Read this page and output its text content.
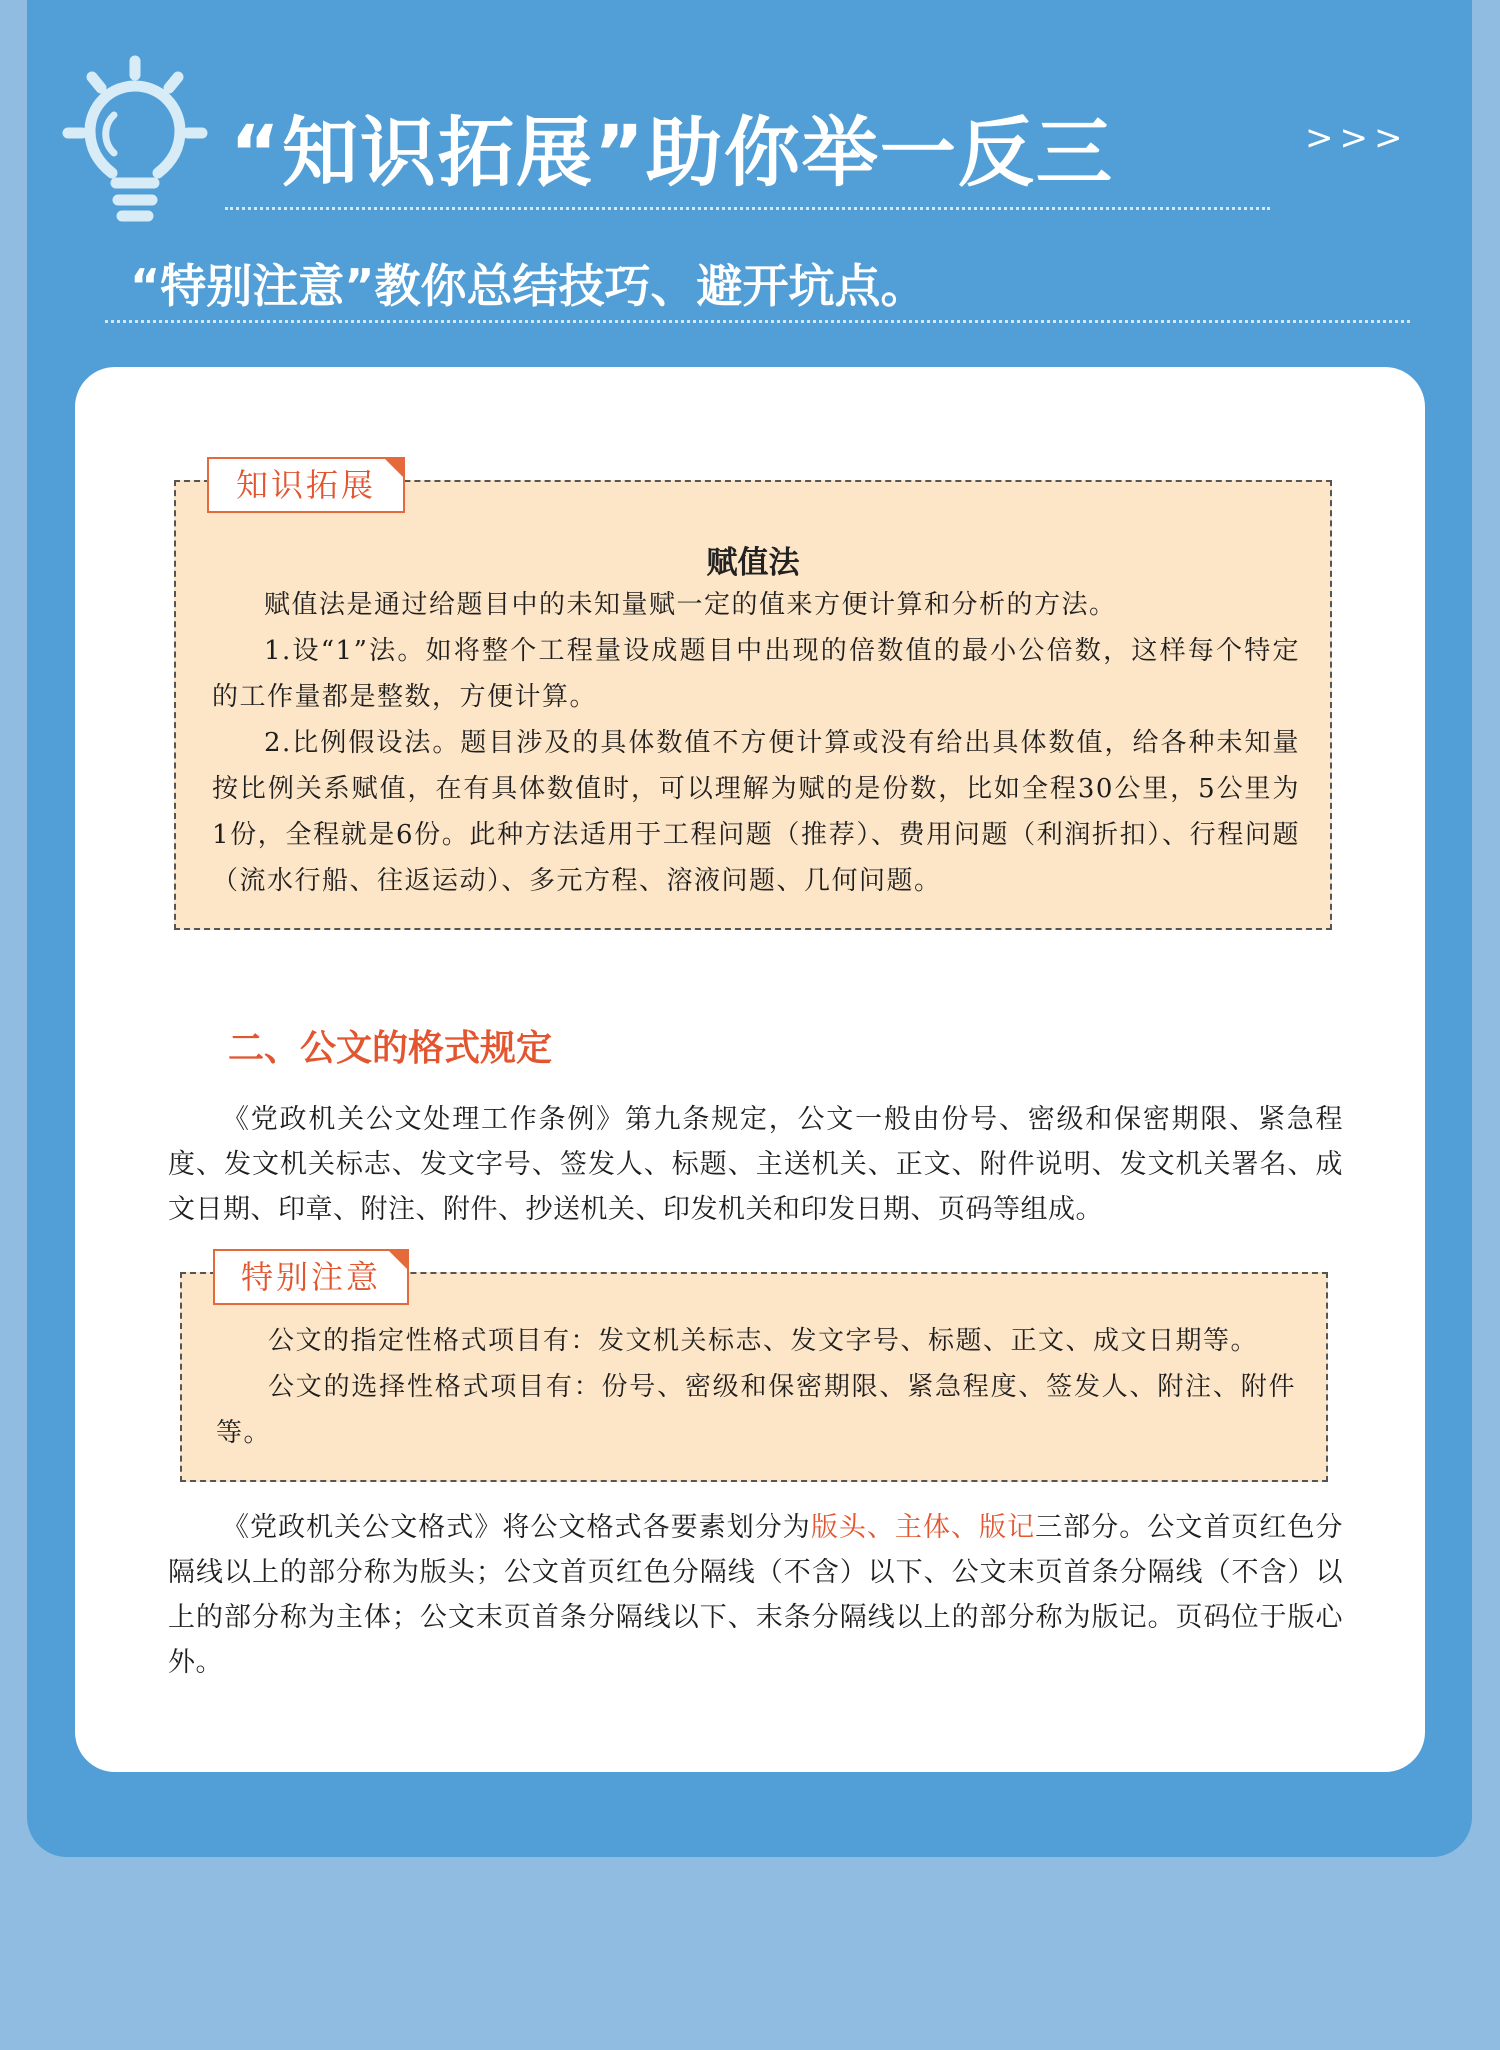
“知识拓展”助你举一反三	>>>
“特别注意”教你总结技巧、避开坑点。
赋值法

赋值法是通过给题目中的未知量赋一定的值来方便计算和分析的方法。

1.设“1”法。如将整个工程量设成题目中出现的倍数值的最小公倍数，这样每个特定的工作量都是整数，方便计算。

2.比例假设法。题目涉及的具体数值不方便计算或没有给出具体数值，给各种未知量按比例关系赋值，在有具体数值时，可以理解为赋的是份数，比如全程30公里，5公里为1份，全程就是6份。此种方法适用于工程问题（推荐）、费用问题（利润折扣）、行程问题（流水行船、往返运动）、多元方程、溶液问题、几何问题。

知识拓展
二、公文的格式规定

《党政机关公文处理工作条例》第九条规定，公文一般由份号、密级和保密期限、紧急程度、发文机关标志、发文字号、签发人、标题、主送机关、正文、附件说明、发文机关署名、成文日期、印章、附注、附件、抄送机关、印发机关和印发日期、页码等组成。

公文的指定性格式项目有：发文机关标志、发文字号、标题、正文、成文日期等。

公文的选择性格式项目有：份号、密级和保密期限、紧急程度、签发人、附注、附件等。

特别注意

《党政机关公文格式》将公文格式各要素划分为版头、主体、版记三部分。公文首页红色分隔线以上的部分称为版头；公文首页红色分隔线（不含）以下、公文末页首条分隔线（不含）以上的部分称为主体；公文末页首条分隔线以下、末条分隔线以上的部分称为版记。页码位于版心外。
